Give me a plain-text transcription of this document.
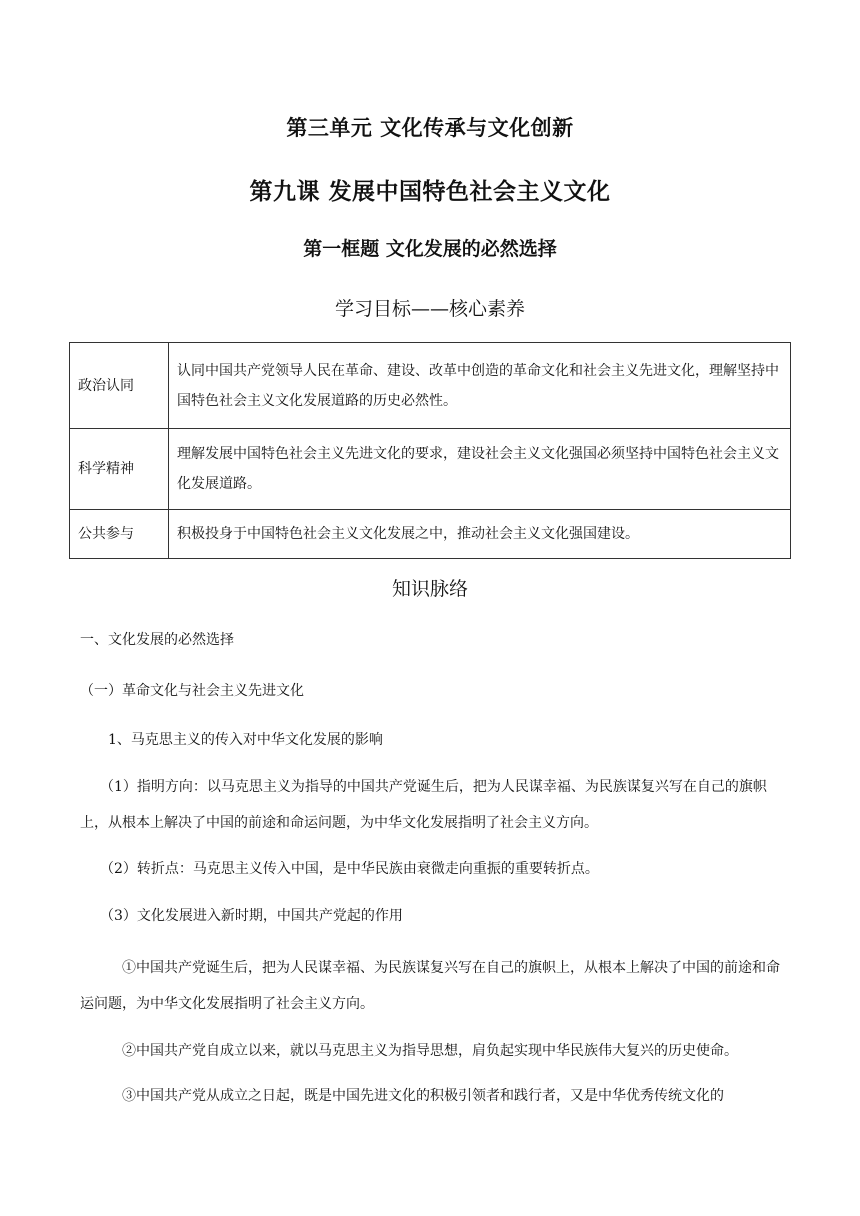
第三单元 文化传承与文化创新
第九课 发展中国特色社会主义文化
第一框题 文化发展的必然选择
学习目标——核心素养
政治认同	认同中国共产党领导人民在革命、建设、改革中创造的革命文化和社会主义先进文化，理解坚持中国特色社会主义文化发展道路的历史必然性。
科学精神	理解发展中国特色社会主义先进文化的要求，建设社会主义文化强国必须坚持中国特色社会主义文化发展道路。
公共参与	积极投身于中国特色社会主义文化发展之中，推动社会主义文化强国建设。
知识脉络
一、文化发展的必然选择
（一）革命文化与社会主义先进文化
1、马克思主义的传入对中华文化发展的影响
（1）指明方向：以马克思主义为指导的中国共产党诞生后，把为人民谋幸福、为民族谋复兴写在自己的旗帜上，从根本上解决了中国的前途和命运问题，为中华文化发展指明了社会主义方向。
（2）转折点：马克思主义传入中国，是中华民族由衰微走向重振的重要转折点。
（3）文化发展进入新时期，中国共产党起的作用
①中国共产党诞生后，把为人民谋幸福、为民族谋复兴写在自己的旗帜上，从根本上解决了中国的前途和命运问题，为中华文化发展指明了社会主义方向。
②中国共产党自成立以来，就以马克思主义为指导思想，肩负起实现中华民族伟大复兴的历史使命。
③中国共产党从成立之日起，既是中国先进文化的积极引领者和践行者，又是中华优秀传统文化的
